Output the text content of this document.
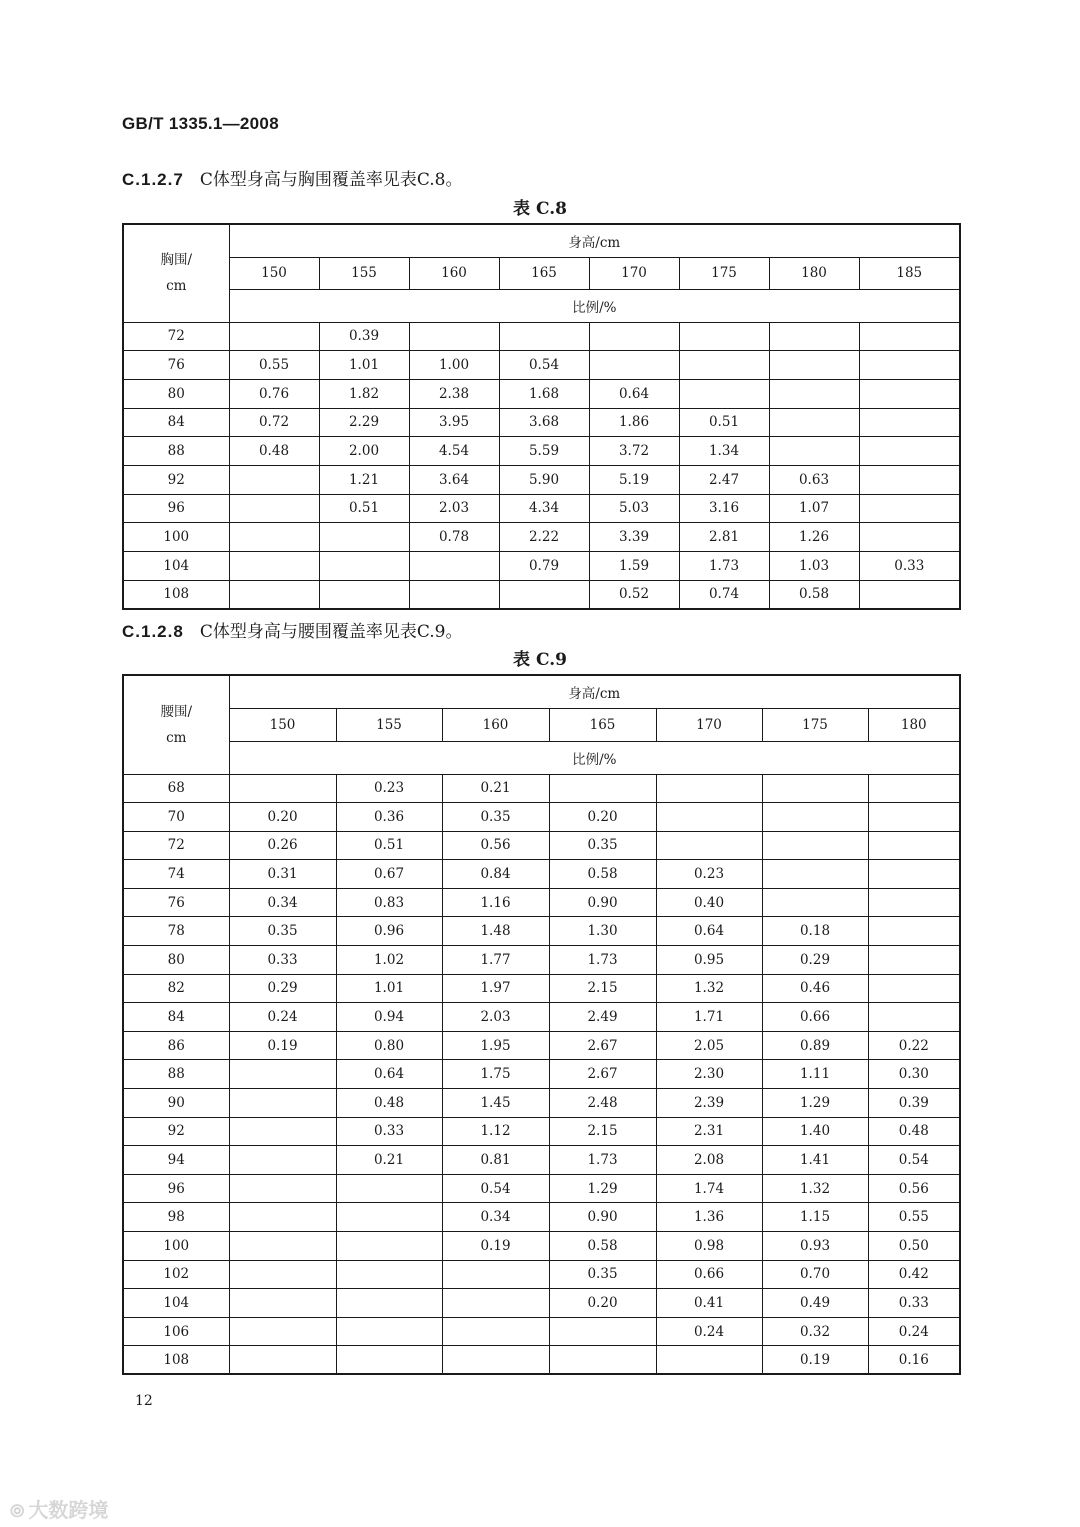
GB/T 1335.1—2008
C.1.2.7 C体型身高与胸围覆盖率见表C.8。
表 C.8
胸围/
cm	身高/cm							
	150	155	160	165	170	175	180	185
	比例/%							
72		0.39						
76	0.55	1.01	1.00	0.54				
80	0.76	1.82	2.38	1.68	0.64			
84	0.72	2.29	3.95	3.68	1.86	0.51		
88	0.48	2.00	4.54	5.59	3.72	1.34		
92		1.21	3.64	5.90	5.19	2.47	0.63	
96		0.51	2.03	4.34	5.03	3.16	1.07	
100			0.78	2.22	3.39	2.81	1.26	
104				0.79	1.59	1.73	1.03	0.33
108					0.52	0.74	0.58	
C.1.2.8 C体型身高与腰围覆盖率见表C.9。
表 C.9
腰围/
cm	身高/cm						
	150	155	160	165	170	175	180
	比例/%						
68		0.23	0.21				
70	0.20	0.36	0.35	0.20			
72	0.26	0.51	0.56	0.35			
74	0.31	0.67	0.84	0.58	0.23		
76	0.34	0.83	1.16	0.90	0.40		
78	0.35	0.96	1.48	1.30	0.64	0.18	
80	0.33	1.02	1.77	1.73	0.95	0.29	
82	0.29	1.01	1.97	2.15	1.32	0.46	
84	0.24	0.94	2.03	2.49	1.71	0.66	
86	0.19	0.80	1.95	2.67	2.05	0.89	0.22
88		0.64	1.75	2.67	2.30	1.11	0.30
90		0.48	1.45	2.48	2.39	1.29	0.39
92		0.33	1.12	2.15	2.31	1.40	0.48
94		0.21	0.81	1.73	2.08	1.41	0.54
96			0.54	1.29	1.74	1.32	0.56
98			0.34	0.90	1.36	1.15	0.55
100			0.19	0.58	0.98	0.93	0.50
102				0.35	0.66	0.70	0.42
104				0.20	0.41	0.49	0.33
106					0.24	0.32	0.24
108						0.19	0.16
12
⦾ 大数跨境
